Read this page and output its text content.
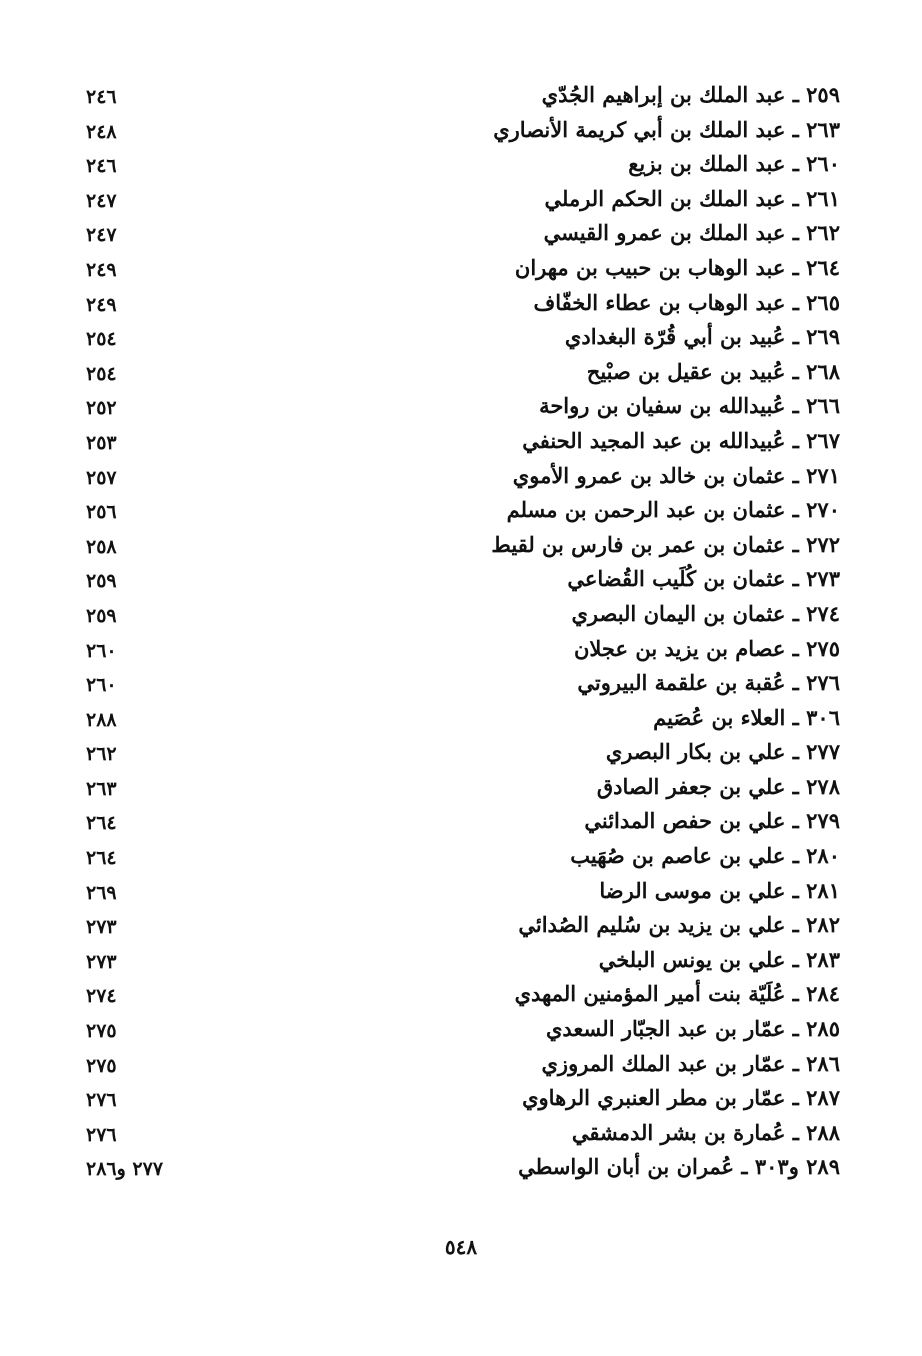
٢٥٩ ـ عبد الملك بن إبراهيم الجُدّي
٢٤٦
٢٦٣ ـ عبد الملك بن أبي كريمة الأنصاري
٢٤٨
٢٦٠ ـ عبد الملك بن بزيع
٢٤٦
٢٦١ ـ عبد الملك بن الحكم الرملي
٢٤٧
٢٦٢ ـ عبد الملك بن عمرو القيسي
٢٤٧
٢٦٤ ـ عبد الوهاب بن حبيب بن مهران
٢٤٩
٢٦٥ ـ عبد الوهاب بن عطاء الخفّاف
٢٤٩
٢٦٩ ـ عُبيد بن أبي قُرّة البغدادي
٢٥٤
٢٦٨ ـ عُبيد بن عقيل بن صبْيح
٢٥٤
٢٦٦ ـ عُبيدالله بن سفيان بن رواحة
٢٥٢
٢٦٧ ـ عُبيدالله بن عبد المجيد الحنفي
٢٥٣
٢٧١ ـ عثمان بن خالد بن عمرو الأموي
٢٥٧
٢٧٠ ـ عثمان بن عبد الرحمن بن مسلم
٢٥٦
٢٧٢ ـ عثمان بن عمر بن فارس بن لقيط
٢٥٨
٢٧٣ ـ عثمان بن كُلَيب القُضاعي
٢٥٩
٢٧٤ ـ عثمان بن اليمان البصري
٢٥٩
٢٧٥ ـ عصام بن يزيد بن عجلان
٢٦٠
٢٧٦ ـ عُقبة بن علقمة البيروتي
٢٦٠
٣٠٦ ـ العلاء بن عُصَيم
٢٨٨
٢٧٧ ـ علي بن بكار البصري
٢٦٢
٢٧٨ ـ علي بن جعفر الصادق
٢٦٣
٢٧٩ ـ علي بن حفص المدائني
٢٦٤
٢٨٠ ـ علي بن عاصم بن صُهَيب
٢٦٤
٢٨١ ـ علي بن موسى الرضا
٢٦٩
٢٨٢ ـ علي بن يزيد بن سُليم الصُدائي
٢٧٣
٢٨٣ ـ علي بن يونس البلخي
٢٧٣
٢٨٤ ـ عُلَيّة بنت أمير المؤمنين المهدي
٢٧٤
٢٨٥ ـ عمّار بن عبد الجبّار السعدي
٢٧٥
٢٨٦ ـ عمّار بن عبد الملك المروزي
٢٧٥
٢٨٧ ـ عمّار بن مطر العنبري الرهاوي
٢٧٦
٢٨٨ ـ عُمارة بن بشر الدمشقي
٢٧٦
٢٨٩ و٣٠٣ ـ عُمران بن أبان الواسطي
٢٧٧ و٢٨٦
٥٤٨
